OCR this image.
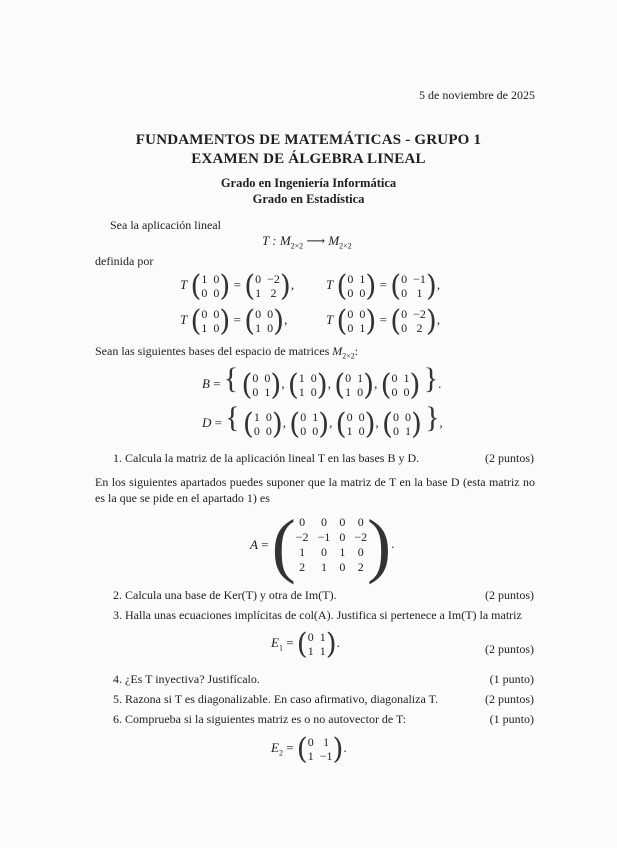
5 de noviembre de 2025
FUNDAMENTOS DE MATEMÁTICAS - GRUPO 1
EXAMEN DE ÁLGEBRA LINEAL
Grado en Ingeniería Informática
Grado en Estadística
Sea la aplicación lineal
T : $M_{2\times 2}$ ⟶ $M_{2\times 2}$
definida por
T ( 1 0
0 0 ) = ( 0 −2
1 2 ) , T ( 0 1
0 0 ) = ( 0 −1
0 1 ) ,
T ( 0 0
1 0 ) = ( 0 0
1 0 ) ,	T ( 0 0
0 1 ) = ( 0 −2
0 2 ) ,
Sean las siguientes bases del espacio de matrices $M_{2\times 2}$:
B = { ( 0 0
0 1 ) , ( 1 0
1 0 ) , ( 0 1
1 0 ) , ( 0 1
0 0 ) }.
D = { ( 1 0
0 0 ) , ( 0 1
0 0 ) , ( 0 0
1 0 ) , ( 0 0
0 1 ) },
1. Calcula la matriz de la aplicación lineal T en las bases B y D.	(2 puntos)
En los siguientes apartados puedes suponer que la matriz de T en la base D (esta matriz no es la que se pide en el apartado 1) es
A = ( 0 0 0 0
−2 −1 0 −2
1 0 1 0
2 1 0 2 ) .
2. Calcula una base de Ker(T) y otra de Im(T).	(2 puntos)
3. Halla unas ecuaciones implícitas de col(A). Justifica si pertenece a Im(T) la matriz
$E_1$ = ( 0 1
1 1 ) .	(2 puntos)
4. ¿Es T inyectiva? Justifícalo.	(1 punto)
5. Razona si T es diagonalizable. En caso afirmativo, diagonaliza T.	(2 puntos)
6. Comprueba si la siguientes matriz es o no autovector de T:	(1 punto)
$E_2$ = ( 0 1
1 −1 ) .
